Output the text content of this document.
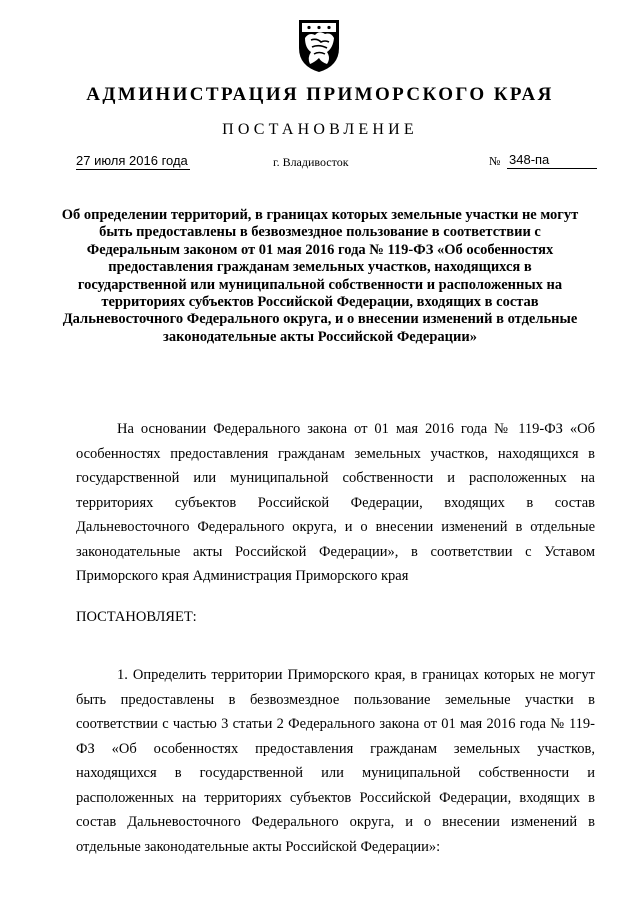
АДМИНИСТРАЦИЯ ПРИМОРСКОГО КРАЯ
ПОСТАНОВЛЕНИЕ
27 июля 2016 года	г. Владивосток	№ 348-па
Об определении территорий, в границах которых земельные участки не могут быть предоставлены в безвозмездное пользование в соответствии с Федеральным законом от 01 мая 2016 года № 119-ФЗ «Об особенностях предоставления гражданам земельных участков, находящихся в государственной или муниципальной собственности и расположенных на территориях субъектов Российской Федерации, входящих в состав Дальневосточного Федерального округа, и о внесении изменений в отдельные законодательные акты Российской Федерации»
На основании Федерального закона от 01 мая 2016 года № 119-ФЗ «Об особенностях предоставления гражданам земельных участков, находящихся в государственной или муниципальной собственности и расположенных на территориях субъектов Российской Федерации, входящих в состав Дальневосточного Федерального округа, и о внесении изменений в отдельные законодательные акты Российской Федерации», в соответствии с Уставом Приморского края Администрация Приморского края
ПОСТАНОВЛЯЕТ:
1. Определить территории Приморского края, в границах которых не могут быть предоставлены в безвозмездное пользование земельные участки в соответствии с частью 3 статьи 2 Федерального закона от 01 мая 2016 года № 119-ФЗ «Об особенностях предоставления гражданам земельных участков, находящихся в государственной или муниципальной собственности и расположенных на территориях субъектов Российской Федерации, входящих в состав Дальневосточного Федерального округа, и о внесении изменений в отдельные законодательные акты Российской Федерации»:
